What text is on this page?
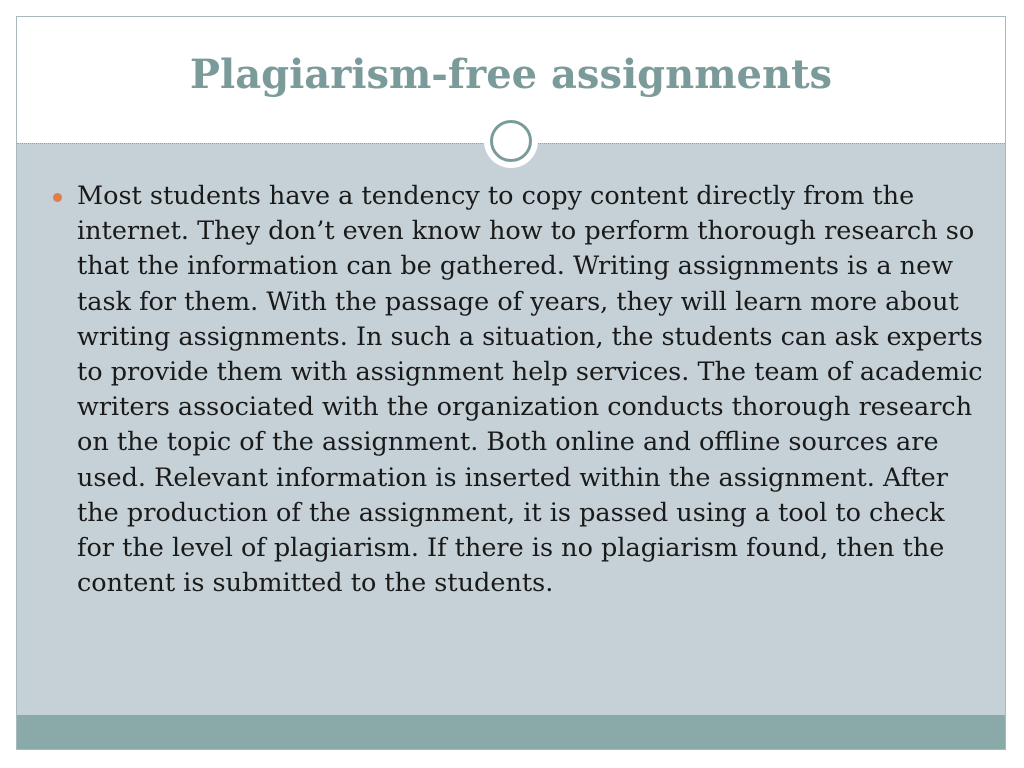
Plagiarism-free assignments

Most students have a tendency to copy content directly from the internet. They don’t even know how to perform thorough research so that the information can be gathered. Writing assignments is a new task for them. With the passage of years, they will learn more about writing assignments. In such a situation, the students can ask experts to provide them with assignment help services. The team of academic writers associated with the organization conducts thorough research on the topic of the assignment. Both online and offline sources are used. Relevant information is inserted within the assignment. After the production of the assignment, it is passed using a tool to check for the level of plagiarism. If there is no plagiarism found, then the content is submitted to the students.
